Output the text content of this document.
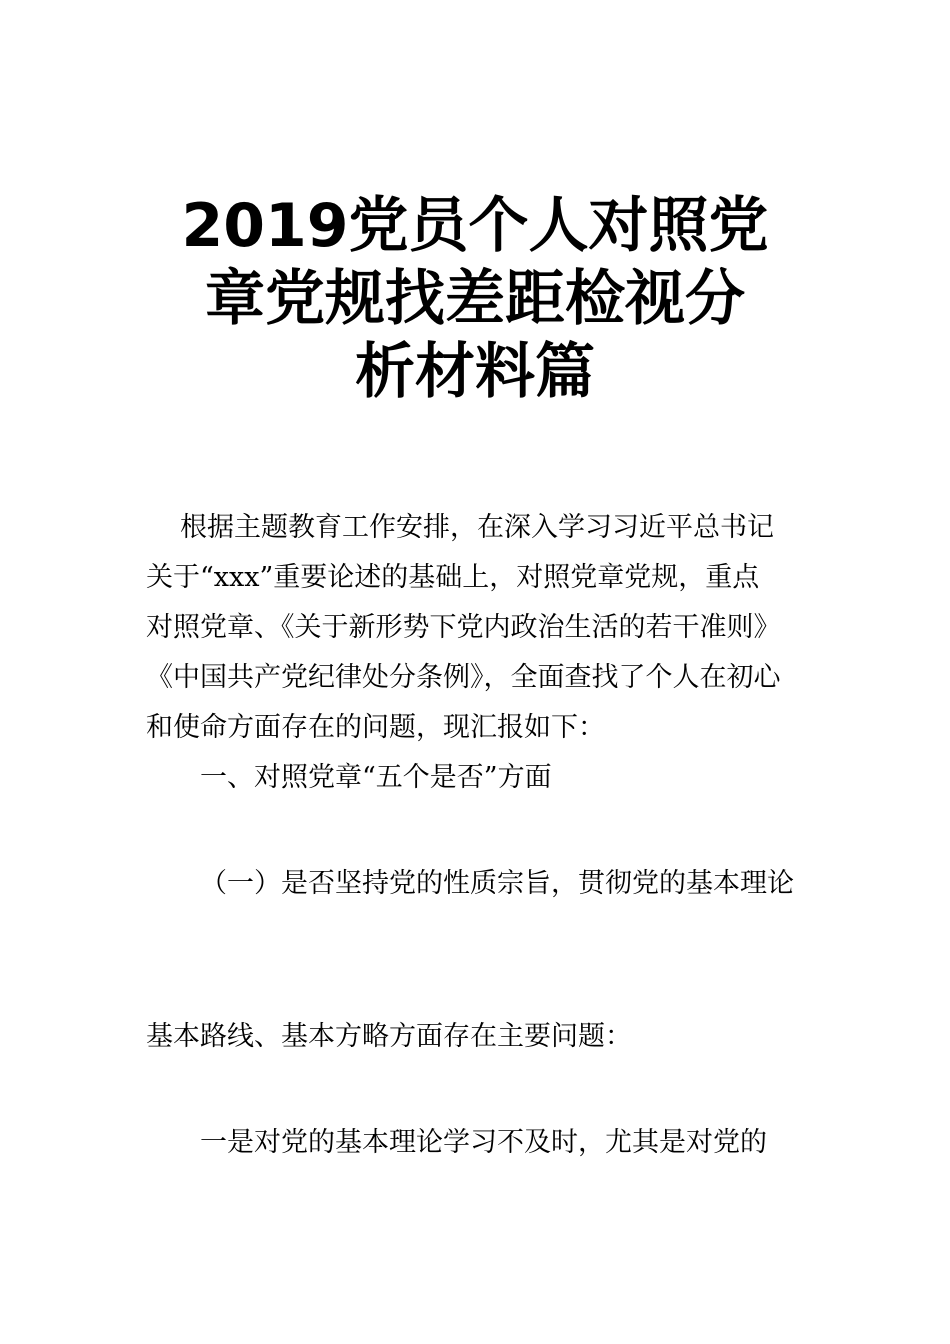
2019党员个人对照党
章党规找差距检视分
析材料篇
根据主题教育工作安排，在深入学习习近平总书记
关于“xxx”重要论述的基础上，对照党章党规，重点
对照党章、《关于新形势下党内政治生活的若干准则》
《中国共产党纪律处分条例》，全面查找了个人在初心
和使命方面存在的问题，现汇报如下：
一、对照党章“五个是否”方面
（一）是否坚持党的性质宗旨，贯彻党的基本理论
基本路线、基本方略方面存在主要问题：
一是对党的基本理论学习不及时，尤其是对党的
